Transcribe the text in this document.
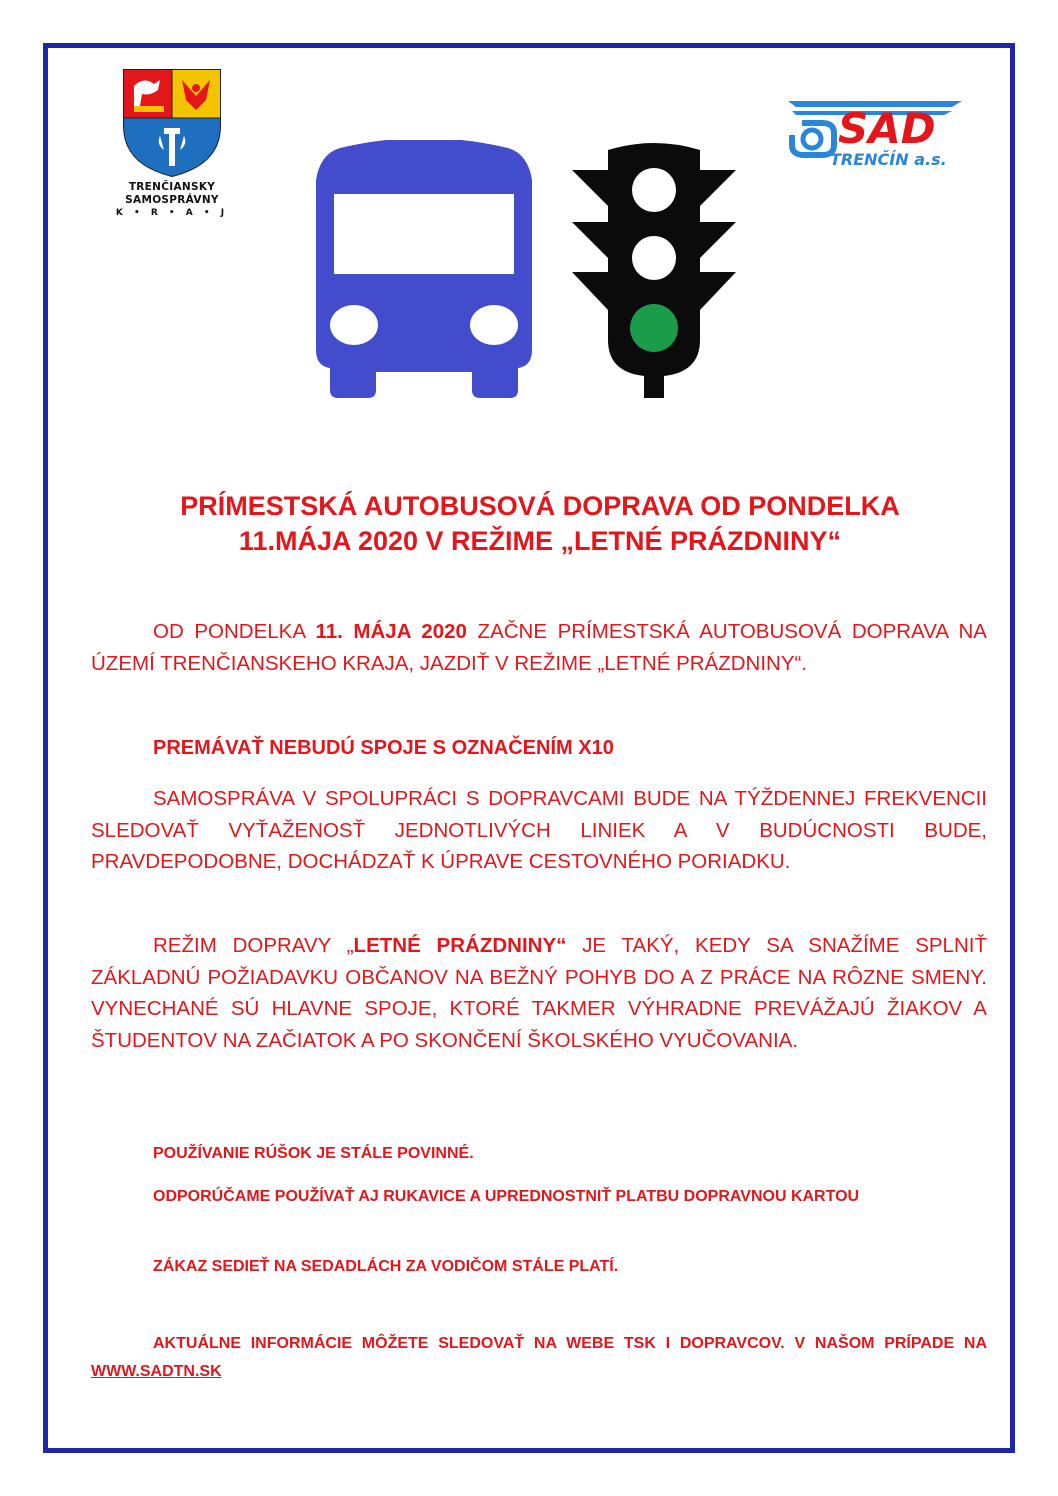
TRENČIANSKY
SAMOSPRÁVNY
K • R • A • J
SAD
TRENČÍN a.s.
PRÍMESTSKÁ AUTOBUSOVÁ DOPRAVA OD PONDELKA
11.MÁJA 2020 V REŽIME „LETNÉ PRÁZDNINY“
OD PONDELKA 11. MÁJA 2020 ZAČNE PRÍMESTSKÁ AUTOBUSOVÁ DOPRAVA NA ÚZEMÍ TRENČIANSKEHO KRAJA, JAZDIŤ V REŽIME „LETNÉ PRÁZDNINY“.
PREMÁVAŤ NEBUDÚ SPOJE S OZNAČENÍM X10
SAMOSPRÁVA V SPOLUPRÁCI S DOPRAVCAMI BUDE NA TÝŽDENNEJ FREKVENCII SLEDOVAŤ VYŤAŽENOSŤ JEDNOTLIVÝCH LINIEK A V BUDÚCNOSTI BUDE, PRAVDEPODOBNE, DOCHÁDZAŤ K ÚPRAVE CESTOVNÉHO PORIADKU.
REŽIM DOPRAVY „LETNÉ PRÁZDNINY“ JE TAKÝ, KEDY SA SNAŽÍME SPLNIŤ ZÁKLADNÚ POŽIADAVKU OBČANOV NA BEŽNÝ POHYB DO A Z PRÁCE NA RÔZNE SMENY. VYNECHANÉ SÚ HLAVNE SPOJE, KTORÉ TAKMER VÝHRADNE PREVÁŽAJÚ ŽIAKOV A ŠTUDENTOV NA ZAČIATOK A PO SKONČENÍ ŠKOLSKÉHO VYUČOVANIA.
POUŽÍVANIE RÚŠOK JE STÁLE POVINNÉ.
ODPORÚČAME POUŽÍVAŤ AJ RUKAVICE A UPREDNOSTNIŤ PLATBU DOPRAVNOU KARTOU
ZÁKAZ SEDIEŤ NA SEDADLÁCH ZA VODIČOM STÁLE PLATÍ.
AKTUÁLNE INFORMÁCIE MÔŽETE SLEDOVAŤ NA WEBE TSK I DOPRAVCOV. V NAŠOM PRÍPADE NA WWW.SADTN.SK
